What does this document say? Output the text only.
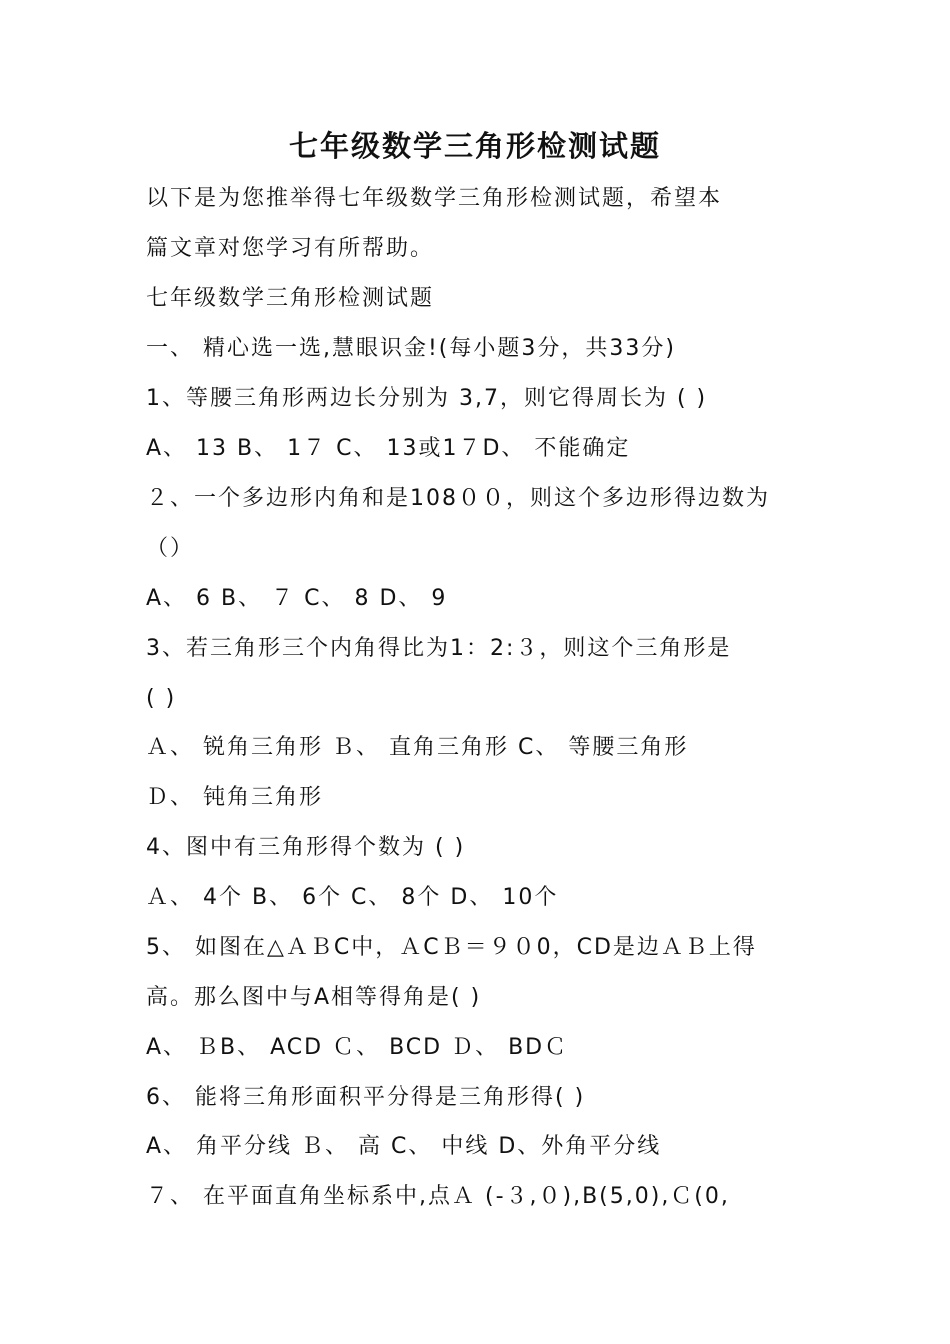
七年级数学三角形检测试题
以下是为您推举得七年级数学三角形检测试题，希望本
篇文章对您学习有所帮助。
七年级数学三角形检测试题
一、 精心选一选,慧眼识金!(每小题3分，共33分)
1、等腰三角形两边长分别为 3,7，则它得周长为 ( )
A、 13 B、 1７ C、 13或1７D、 不能确定
２、一个多边形内角和是108００，则这个多边形得边数为
（）
A、 6 B、 ７ C、 8 D、 9
3、若三角形三个内角得比为1：2:３，则这个三角形是
( )
Ａ、 锐角三角形 Ｂ、 直角三角形 C、 等腰三角形
Ｄ、 钝角三角形
4、图中有三角形得个数为 ( )
Ａ、 4个 B、 6个 C、 8个 D、 10个
5、 如图在△ＡＢC中，ＡCＢ＝９０0，CD是边ＡＢ上得
高。那么图中与A相等得角是( )
A、 ＢB、 ACD Ｃ、 BCD Ｄ、 BDＣ
6、 能将三角形面积平分得是三角形得( )
A、 角平分线 Ｂ、 高 C、 中线 D、外角平分线
７、 在平面直角坐标系中,点Ａ (-３,０),B(5,0),Ｃ(0,
